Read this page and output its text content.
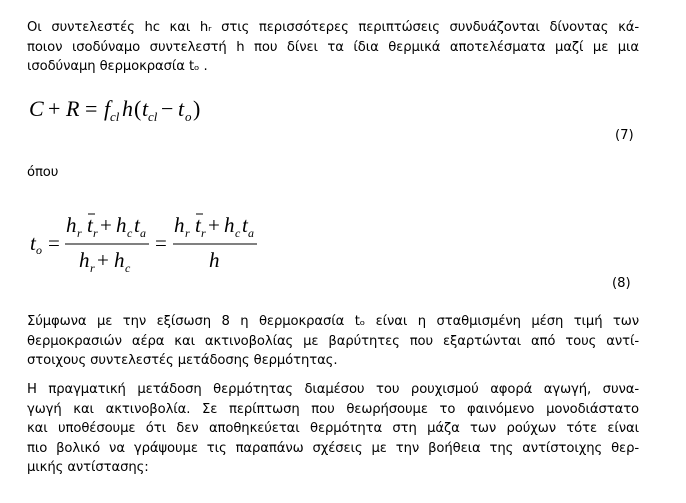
Οι συντελεστές hᴄ και hᵣ στις περισσότερες περιπτώσεις συνδυάζονται δίνοντας κά-
ποιον ισοδύναμο συντελεστή h που δίνει τα ίδια θερμικά αποτελέσματα μαζί με μια
ισοδύναμη θερμοκρασία tₒ .
C + R = f cl h ( t cl − t o )
(7)
όπου
t o =
h r t r + h c t a
h r + h c
=
h r t r + h c t a
h
(8)
Σύμφωνα με την εξίσωση 8 η θερμοκρασία tₒ είναι η σταθμισμένη μέση τιμή των
θερμοκρασιών αέρα και ακτινοβολίας με βαρύτητες που εξαρτώνται από τους αντί-
στοιχους συντελεστές μετάδοσης θερμότητας.
Η πραγματική μετάδοση θερμότητας διαμέσου του ρουχισμού αφορά αγωγή, συνα-
γωγή και ακτινοβολία. Σε περίπτωση που θεωρήσουμε το φαινόμενο μονοδιάστατο
και υποθέσουμε ότι δεν αποθηκεύεται θερμότητα στη μάζα των ρούχων τότε είναι
πιο βολικό να γράψουμε τις παραπάνω σχέσεις με την βοήθεια της αντίστοιχης θερ-
μικής αντίστασης:
